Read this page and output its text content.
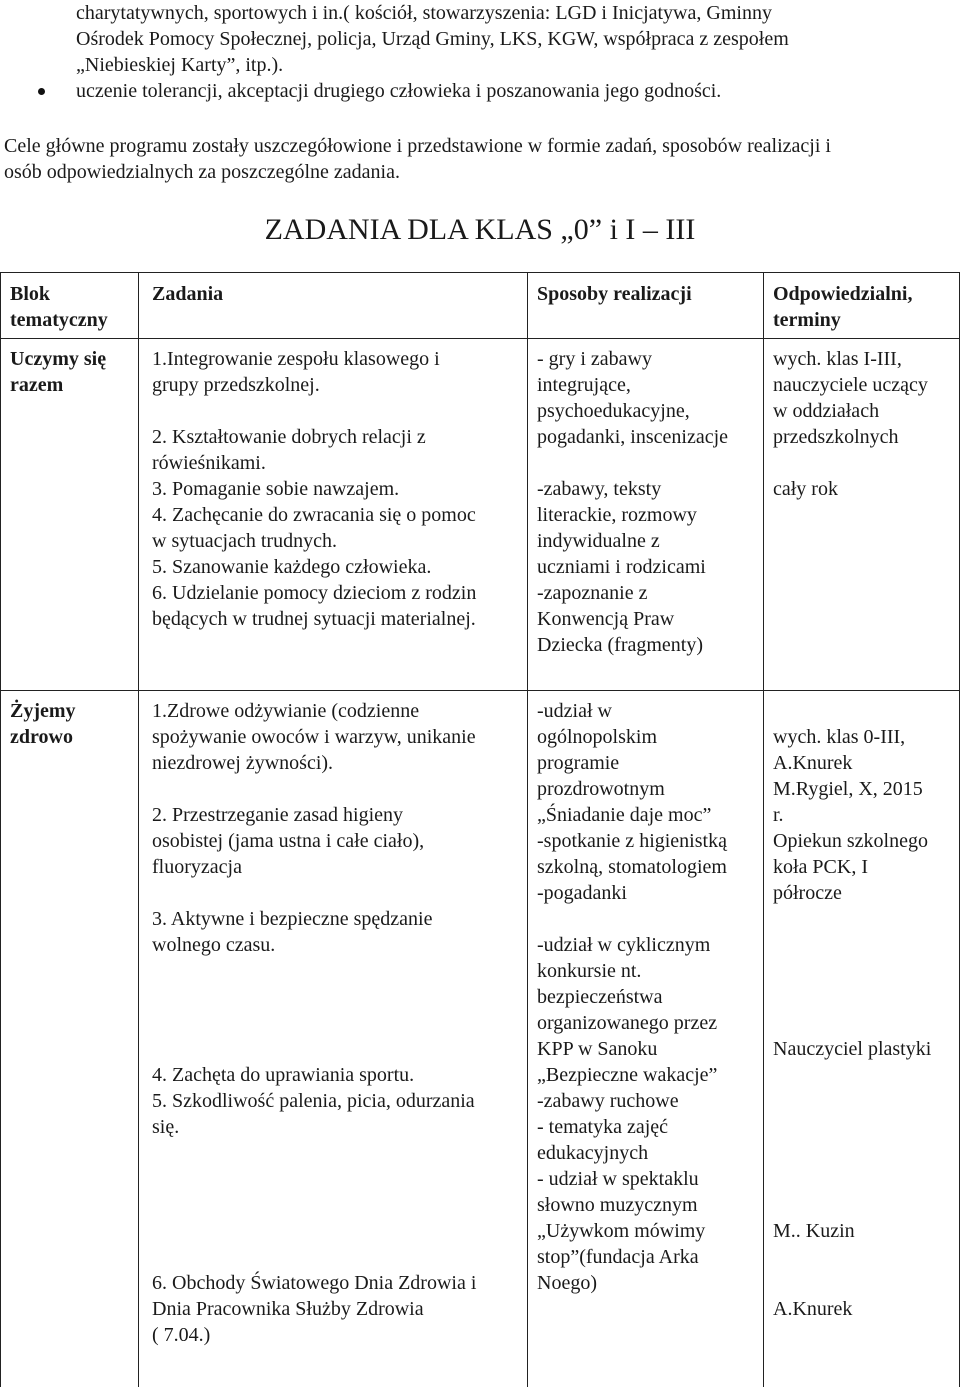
charytatywnych, sportowych i in.( kościół, stowarzyszenia: LGD i Inicjatywa, Gminny
Ośrodek Pomocy Społecznej, policja, Urząd Gminy, LKS, KGW, współpraca z zespołem
„Niebieskiej Karty”, itp.).
uczenie tolerancji, akceptacji drugiego człowieka i poszanowania jego godności.
Cele główne programu zostały uszczegółowione i przedstawione w formie zadań, sposobów realizacji i
osób odpowiedzialnych za poszczególne zadania.
ZADANIA DLA KLAS „0” i I – III
Blok
tematyczny
Zadania	Sposoby realizacji	Odpowiedzialni,
terminy
Uczymy się
razem
1.Integrowanie zespołu klasowego i
grupy przedszkolnej.
2. Kształtowanie dobrych relacji z
rówieśnikami.
3. Pomaganie sobie nawzajem.
4. Zachęcanie do zwracania się o pomoc
w sytuacjach trudnych.
5. Szanowanie każdego człowieka.
6. Udzielanie pomocy dzieciom z rodzin
będących w trudnej sytuacji materialnej.
- gry i zabawy
integrujące,
psychoedukacyjne,
pogadanki, inscenizacje
-zabawy, teksty
literackie, rozmowy
indywidualne z
uczniami i rodzicami
-zapoznanie z
Konwencją Praw
Dziecka (fragmenty)
wych. klas I-III,
nauczyciele uczący
w oddziałach
przedszkolnych
cały rok
Żyjemy
zdrowo
1.Zdrowe odżywianie (codzienne
spożywanie owoców i warzyw, unikanie
niezdrowej żywności).
2. Przestrzeganie zasad higieny
osobistej (jama ustna i całe ciało),
fluoryzacja
3. Aktywne i bezpieczne spędzanie
wolnego czasu.
4. Zachęta do uprawiania sportu.
5. Szkodliwość palenia, picia, odurzania
się.
6. Obchody Światowego Dnia Zdrowia i
Dnia Pracownika Służby Zdrowia
( 7.04.)
-udział w
ogólnopolskim
programie
prozdrowotnym
„Śniadanie daje moc”
-spotkanie z higienistką
szkolną, stomatologiem
-pogadanki
-udział w cyklicznym
konkursie nt.
bezpieczeństwa
organizowanego przez
KPP w Sanoku
„Bezpieczne wakacje”
-zabawy ruchowe
- tematyka zajęć
edukacyjnych
- udział w spektaklu
słowno muzycznym
„Używkom mówimy
stop”(fundacja Arka
Noego)
wych. klas 0-III,
A.Knurek
M.Rygiel, X, 2015
r.
Opiekun szkolnego
koła PCK, I
półrocze
Nauczyciel plastyki
M.. Kuzin
A.Knurek
